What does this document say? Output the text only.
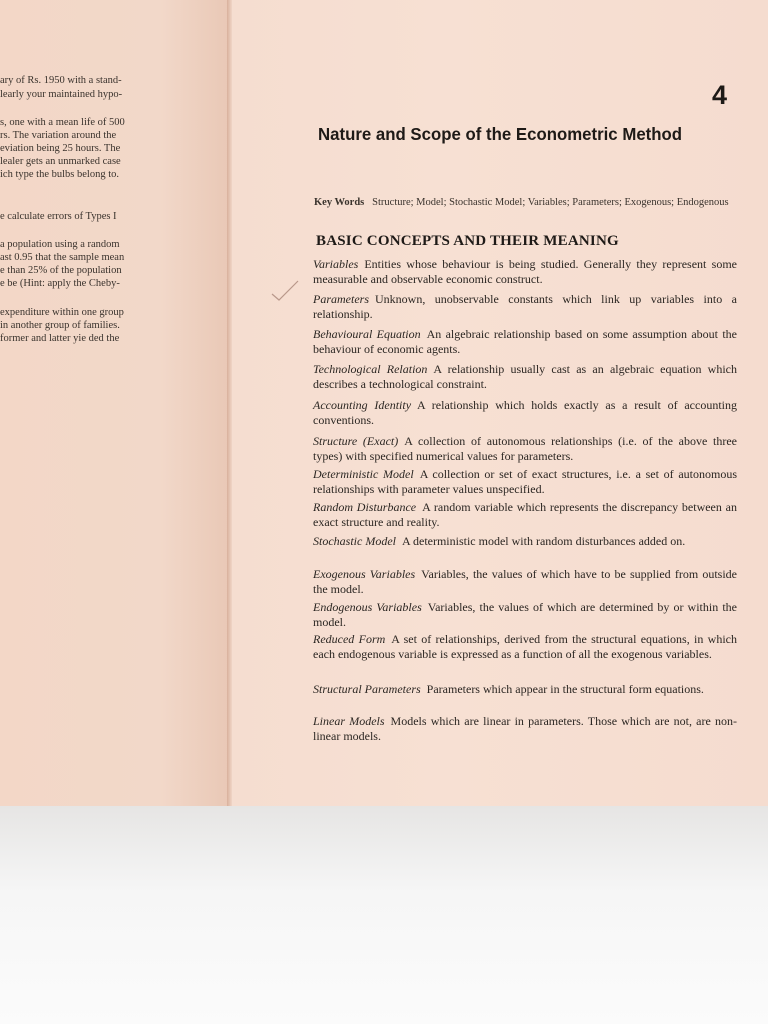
ary of Rs. 1950 with a stand-
learly your maintained hypo-
s, one with a mean life of 500
rs. The variation around the
eviation being 25 hours. The
lealer gets an unmarked case
ich type the bulbs belong to.
e calculate errors of Types I
a population using a random
ast 0.95 that the sample mean
e than 25% of the population
e be (Hint: apply the Cheby-
expenditure within one group
in another group of families.
former and latter yie ded the
4
Nature and Scope of the Econometric Method
Key Words Structure; Model; Stochastic Model; Variables; Parameters; Exogenous; Endogenous
BASIC CONCEPTS AND THEIR MEANING
Variables Entities whose behaviour is being studied. Generally they represent some measurable and observable economic construct.
Parameters Unknown, unobservable constants which link up variables into a relationship.
Behavioural Equation An algebraic relationship based on some assumption about the behaviour of economic agents.
Technological Relation A relationship usually cast as an algebraic equation which describes a technological constraint.
Accounting Identity A relationship which holds exactly as a result of accounting conventions.
Structure (Exact) A collection of autonomous relationships (i.e. of the above three types) with specified numerical values for parameters.
Deterministic Model A collection or set of exact structures, i.e. a set of autonomous relationships with parameter values unspecified.
Random Disturbance A random variable which represents the discrepancy between an exact structure and reality.
Stochastic Model A deterministic model with random disturbances added on.
Exogenous Variables Variables, the values of which have to be supplied from outside the model.
Endogenous Variables Variables, the values of which are determined by or within the model.
Reduced Form A set of relationships, derived from the structural equations, in which each endogenous variable is expressed as a function of all the exogenous variables.
Structural Parameters Parameters which appear in the structural form equations.
Linear Models Models which are linear in parameters. Those which are not, are non-linear models.
